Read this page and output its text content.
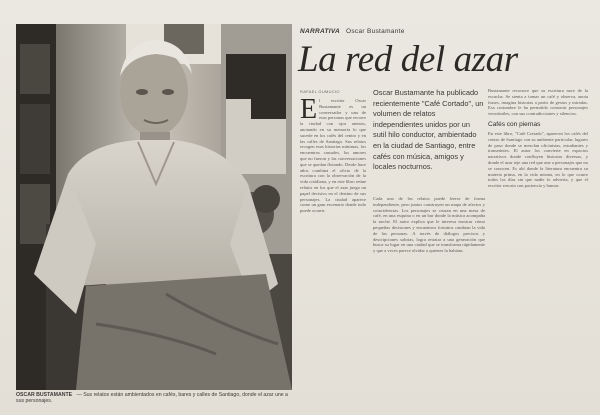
OSCAR BUSTAMANTE — Sus relatos están ambientados en cafés, bares y calles de Santiago, donde el azar une a sus personajes.
NARRATIVA Oscar Bustamante
La red del azar
RAFAEL GUMUCIO	Oscar Bustamante ha publicado recientemente "Café Cortado", un volumen de relatos independientes unidos por un sutil hilo conductor, ambientado en la ciudad de Santiago, entre cafés con música, amigos y locales nocturnos.
E l escritor Oscar Bustamante es un conversador y una de esas personas que recorre la ciudad con ojos atentos, anotando en su memoria lo que sucede en los cafés del centro y en las calles de Santiago. Sus relatos recogen esas historias mínimas, los encuentros casuales, los amores que no fueron y las conversaciones que se quedan flotando. Desde hace años combina el oficio de la escritura con la observación de la vida cotidiana, y en este libro reúne relatos en los que el azar juega un papel decisivo en el destino de sus personajes. La ciudad aparece como un gran escenario donde todo puede ocurrir.
Cada uno de los relatos puede leerse de forma independiente, pero juntos construyen un mapa de afectos y coincidencias. Los personajes se cruzan en una mesa de café, en una esquina o en un bar donde la música acompaña la noche. El autor explica que le interesa mostrar cómo pequeñas decisiones y encuentros fortuitos cambian la vida de las personas. A través de diálogos precisos y descripciones sobrias, logra retratar a una generación que busca su lugar en una ciudad que se transforma rápidamente y que a veces parece olvidar a quienes la habitan.
Bustamante reconoce que su escritura nace de la escucha. Se sienta a tomar un café y observa, anota frases, imagina historias a partir de gestos y miradas. Esa costumbre le ha permitido construir personajes verosímiles, con sus contradicciones y silencios.
Cafés con piernas
En este libro, "Café Cortado", aparecen los cafés del centro de Santiago con su ambiente particular, lugares de paso donde se mezclan oficinistas, estudiantes y transeúntes. El autor los convierte en espacios narrativos donde confluyen historias diversas, y donde el azar teje una red que une a personajes que no se conocen. Es ahí donde la literatura encuentra su materia prima, en la vida misma, en lo que ocurre todos los días sin que nadie lo advierta, y que el escritor rescata con paciencia y humor.
